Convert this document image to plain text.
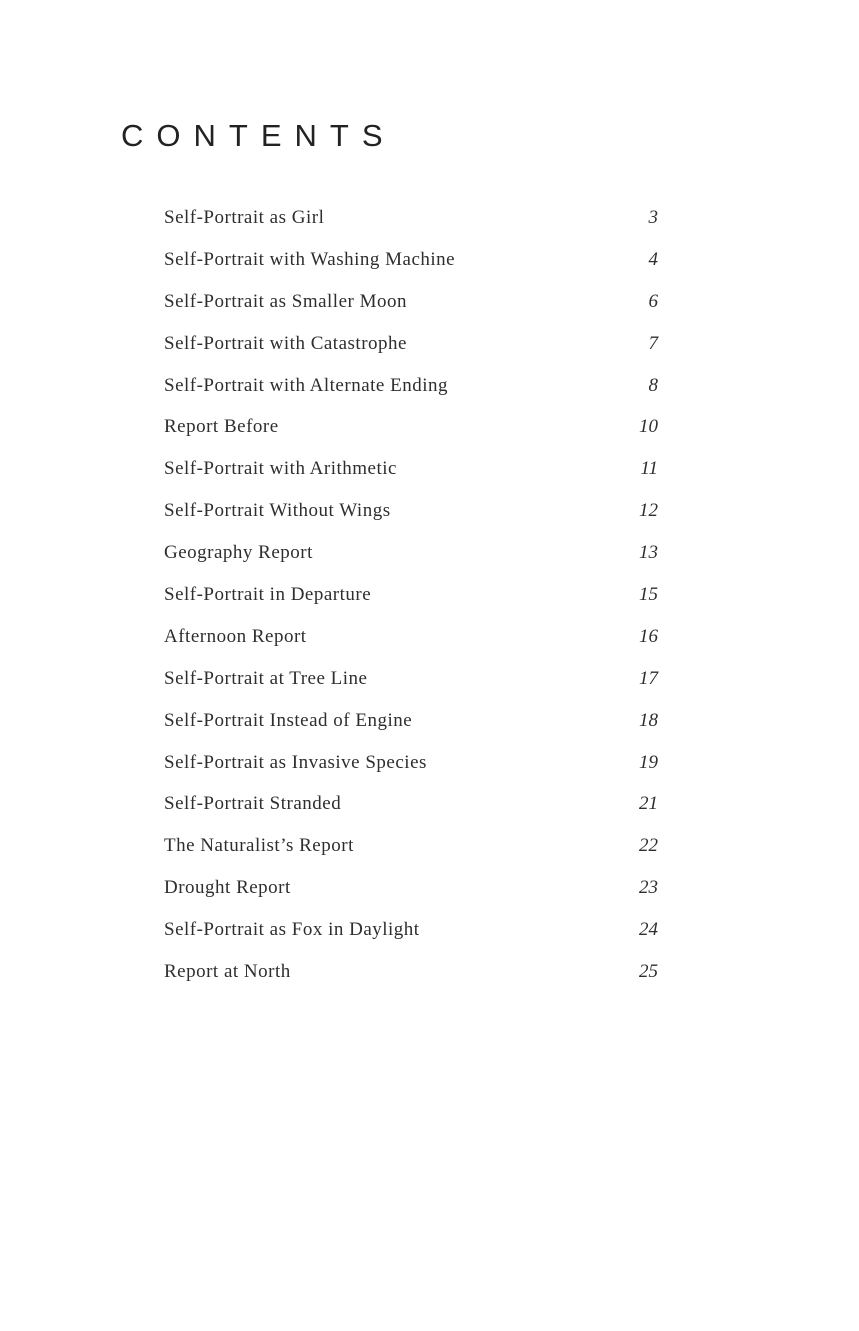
CONTENTS
Self-Portrait as Girl	3
Self-Portrait with Washing Machine	4
Self-Portrait as Smaller Moon	6
Self-Portrait with Catastrophe	7
Self-Portrait with Alternate Ending	8
Report Before	10
Self-Portrait with Arithmetic	11
Self-Portrait Without Wings	12
Geography Report	13
Self-Portrait in Departure	15
Afternoon Report	16
Self-Portrait at Tree Line	17
Self-Portrait Instead of Engine	18
Self-Portrait as Invasive Species	19
Self-Portrait Stranded	21
The Naturalist’s Report	22
Drought Report	23
Self-Portrait as Fox in Daylight	24
Report at North	25
